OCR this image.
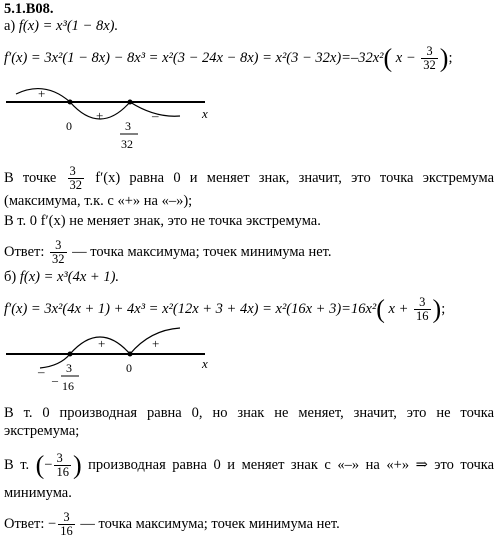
5.1.В08.
а) f(x) = x³(1 − 8x).
f′(x) = 3x²(1 − 8x) − 8x³ = x²(3 − 24x − 8x) = x²(3 − 32x)=–32x²( $x - \frac{3}{32}$ );
x
+
+	–
0	3
32
В точке $\frac{3}{32} f'(x)$ равна 0 и меняет знак, значит, это точка экстремума
(максимума, т.к. с «+» на «–»);
В т. 0 f′(x) не меняет знак, это не точка экстремума.
Ответ: $\frac{3}{32}$ — точка максимума; точек минимума нет.
б) f(x) = x³(4x + 1).
f′(x) = 3x²(4x + 1) + 4x³ = x²(12x + 3 + 4x) = x²(16x + 3)=16x²( $x + \frac{3}{16}$ );
x
–
+	+
0
–
3
16
В т. 0 производная равна 0, но знак не меняет, значит, это не точка
экстремума;
В т. (− $\frac{3}{16}$ ) производная равна 0 и меняет знак с «–» на «+» ⇒ это точка
минимума.
Ответ: − $\frac{3}{16}$ — точка максимума; точек минимума нет.
